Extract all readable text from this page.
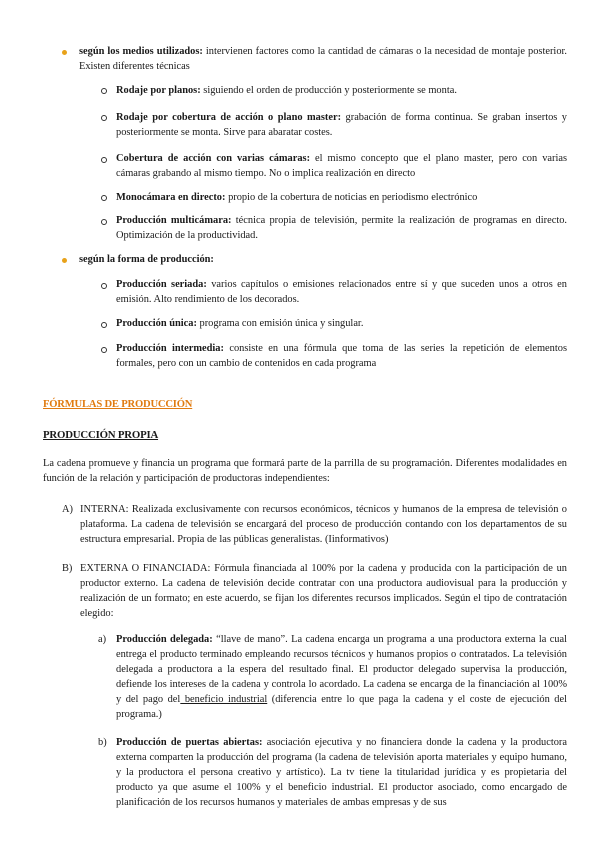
según los medios utilizados: intervienen factores como la cantidad de cámaras o la necesidad de montaje posterior. Existen diferentes técnicas
Rodaje por planos: siguiendo el orden de producción y posteriormente se monta.
Rodaje por cobertura de acción o plano master: grabación de forma continua. Se graban insertos y posteriormente se monta. Sirve para abaratar costes.
Cobertura de acción con varias cámaras: el mismo concepto que el plano master, pero con varias cámaras grabando al mismo tiempo. No o implica realización en directo
Monocámara en directo: propio de la cobertura de noticias en periodismo electrónico
Producción multicámara: técnica propia de televisión, permite la realización de programas en directo. Optimización de la productividad.
según la forma de producción:
Producción seriada: varios capítulos o emisiones relacionados entre sí y que suceden unos a otros en emisión. Alto rendimiento de los decorados.
Producción única: programa con emisión única y singular.
Producción intermedia: consiste en una fórmula que toma de las series la repetición de elementos formales, pero con un cambio de contenidos en cada programa
FÓRMULAS DE PRODUCCIÓN
PRODUCCIÓN PROPIA
La cadena promueve y financia un programa que formará parte de la parrilla de su programación. Diferentes modalidades en función de la relación y participación de productoras independientes:
A) INTERNA: Realizada exclusivamente con recursos económicos, técnicos y humanos de la empresa de televisión o plataforma. La cadena de televisión se encargará del proceso de producción contando con los departamentos de su estructura empresarial. Propia de las públicas generalistas. (Iinformativos)
B) EXTERNA O FINANCIADA: Fórmula financiada al 100% por la cadena y producida con la participación de un productor externo. La cadena de televisión decide contratar con una productora audiovisual para la producción y realización de un formato; en este acuerdo, se fijan los diferentes recursos implicados. Según el tipo de contratación elegido:
a) Producción delegada: “llave de mano”. La cadena encarga un programa a una productora externa la cual entrega el producto terminado empleando recursos técnicos y humanos propios o contratados. La televisión delegada a productora a la espera del resultado final. El productor delegado supervisa la producción, defiende los intereses de la cadena y controla lo acordado. La cadena se encarga de la financiación al 100% y del pago del beneficio industrial (diferencia entre lo que paga la cadena y el coste de ejecución del programa.)
b) Producción de puertas abiertas: asociación ejecutiva y no financiera donde la cadena y la productora externa comparten la producción del programa (la cadena de televisión aporta materiales y equipo humano, y la productora el persona creativo y artístico). La tv tiene la titularidad jurídica y es propietaria del producto ya que asume el 100% y el beneficio industrial. El productor asociado, como encargado de planificación de los recursos humanos y materiales de ambas empresas y de sus
